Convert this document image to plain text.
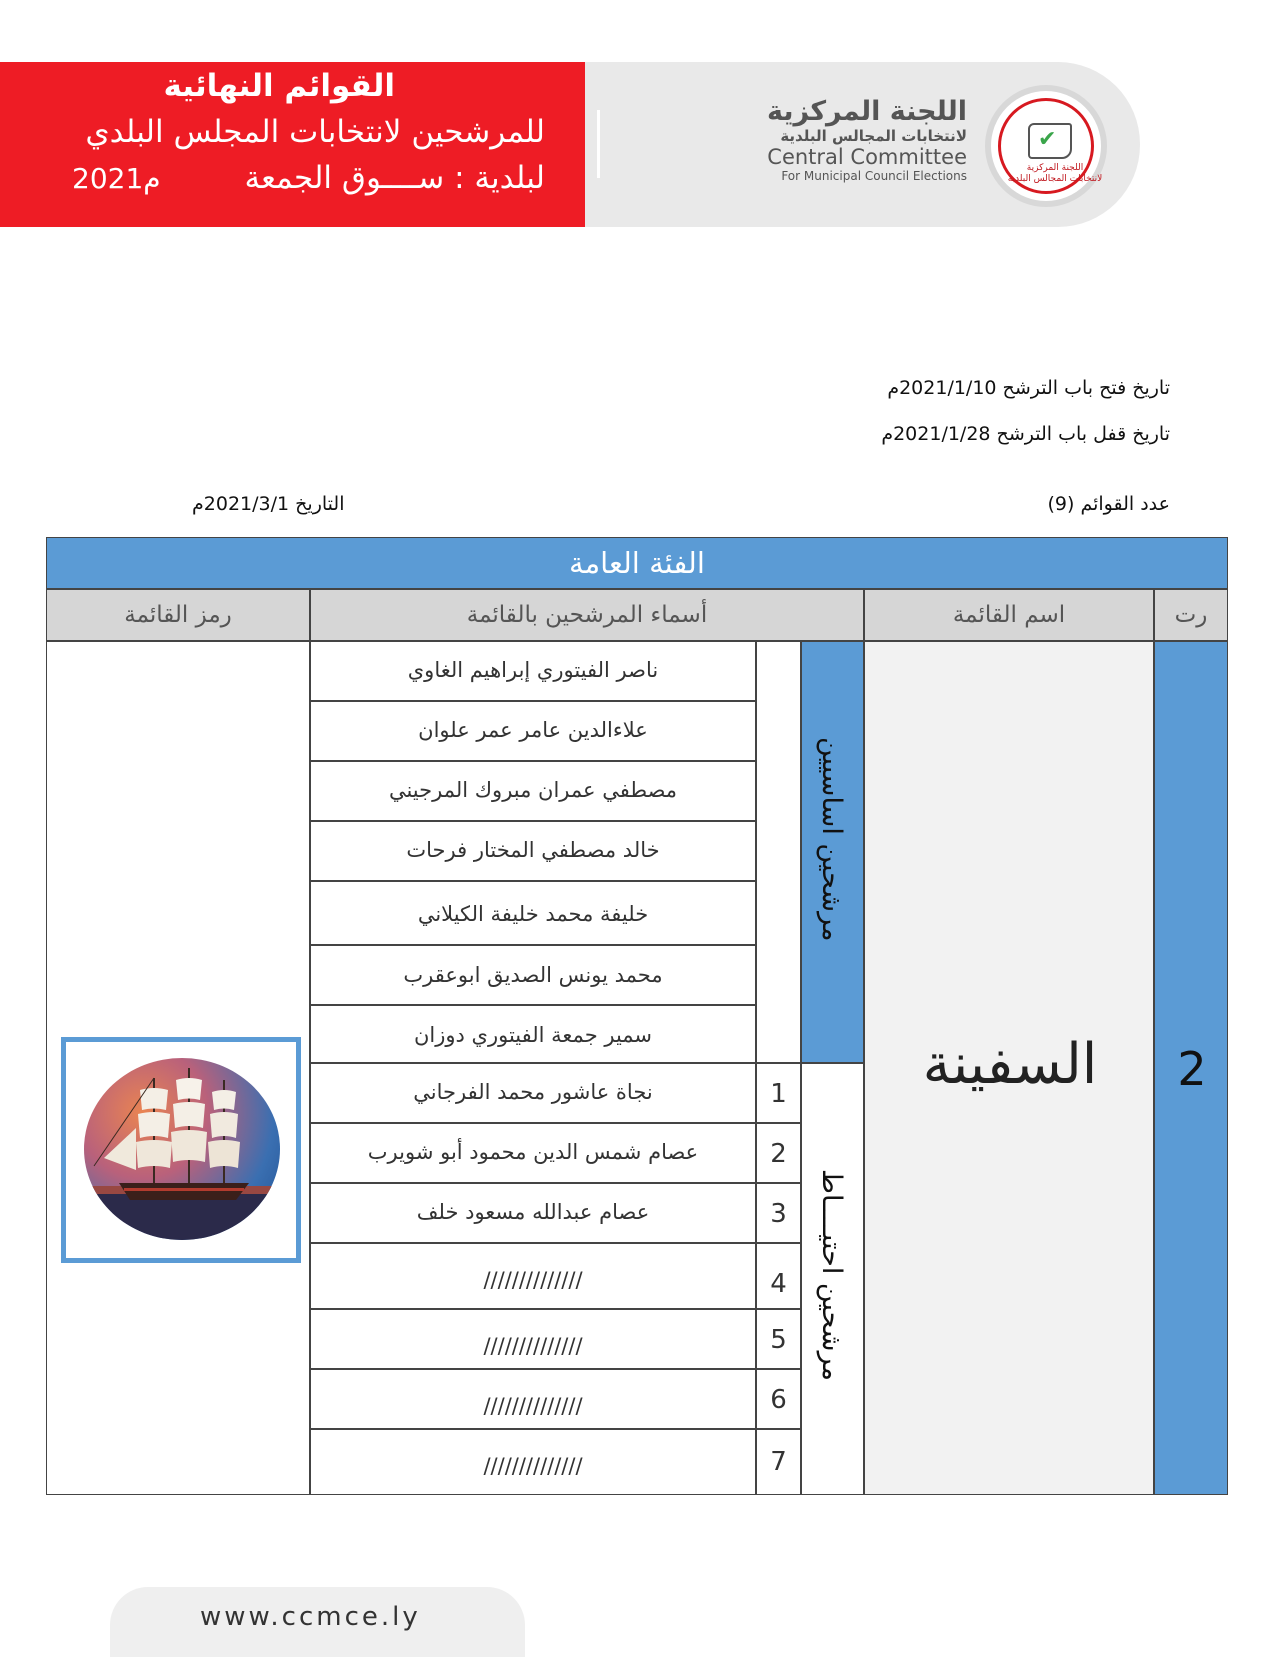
القوائم النهائية
للمرشحين لانتخابات المجلس البلدي
لبلدية : ســــوق الجمعة
2021م
اللجنة المركزية
لانتخابات المجالس البلدية
Central Committee
For Municipal Council Elections
✔
اللجنة المركزية
لانتخابات المجالس البلدية
تاريخ فتح باب الترشح 2021/1/10م
تاريخ قفل باب الترشح 2021/1/28م
عدد القوائم (9)
التاريخ 2021/3/1م
الفئة العامة
رت
اسم القائمة
أسماء المرشحين بالقائمة
رمز القائمة
2
السفينة
مرشحين اساسيين
مرشحين احتيــــاط
ناصر الفيتوري إبراهيم الغاوي
علاءالدين عامر عمر علوان
مصطفي عمران مبروك المرجيني
خالد مصطفي المختار فرحات
خليفة محمد خليفة الكيلاني
محمد يونس الصديق ابوعقرب
سمير جمعة الفيتوري دوزان
1
نجاة عاشور محمد الفرجاني
2
عصام شمس الدين محمود أبو شويرب
3
عصام عبدالله مسعود خلف
4
//////////////
5
//////////////
6
//////////////
7
//////////////
www.ccmce.ly
